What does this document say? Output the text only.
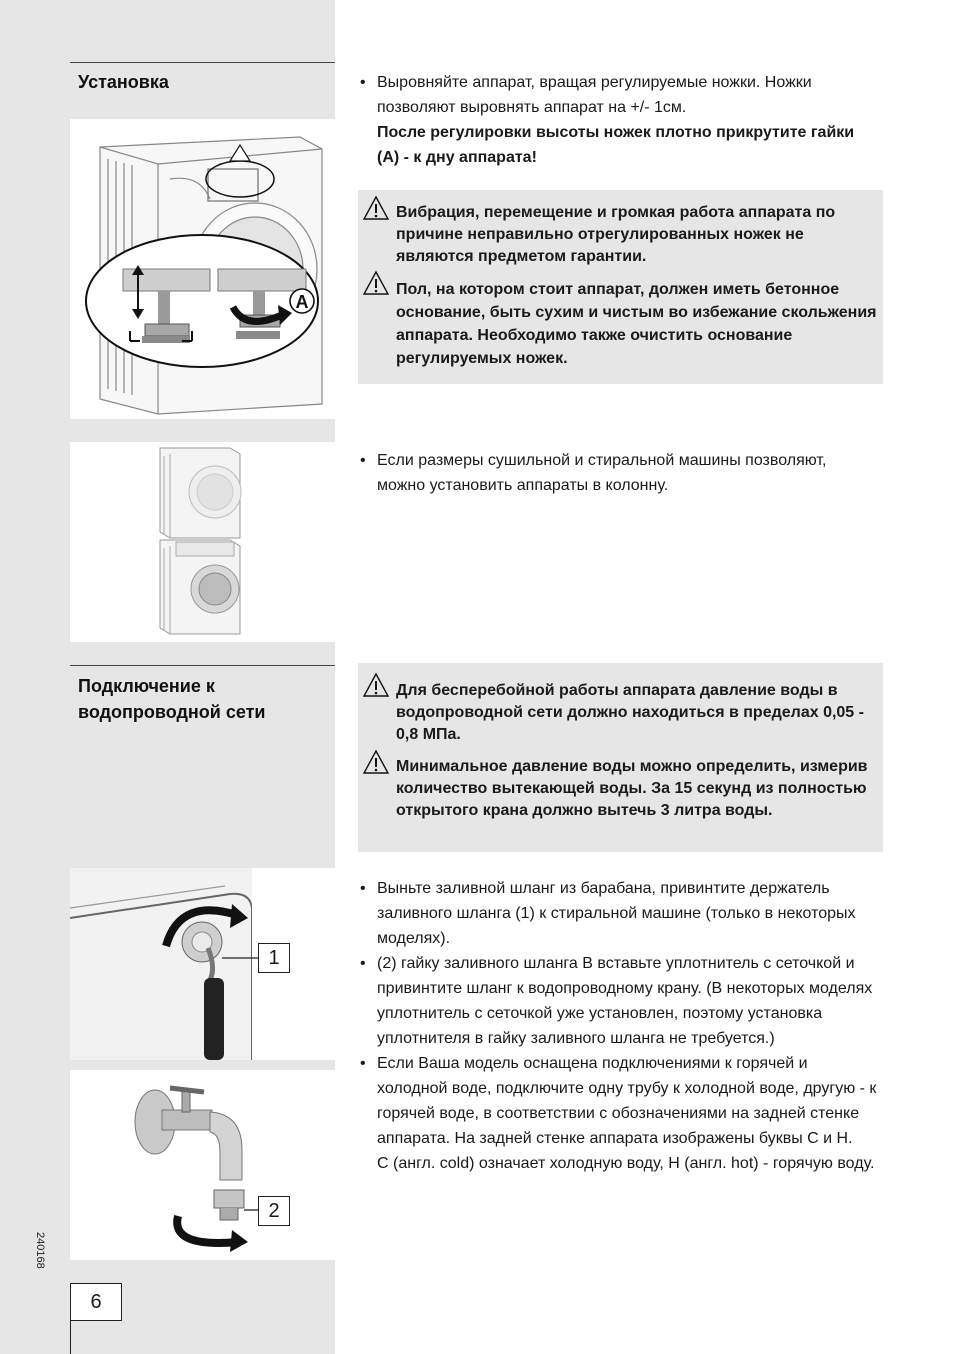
Установка
A
• Выровняйте аппарат, вращая регулируемые ножки. Ножки позволяют выровнять аппарат на +/- 1см.
После регулировки высоты ножек плотно прикрутите гайки (A) - к дну аппарата!
Вибрация, перемещение и громкая работа аппарата по причине неправильно отрегулированных ножек не являются предметом гарантии.
Пол, на котором стоит аппарат, должен иметь бетонное основание, быть сухим и чистым во избежание скольжения аппарата. Необходимо также очистить основание регулируемых ножек.
• Если размеры сушильной и стиральной машины позволяют, можно установить аппараты в колонну.
Подключение к водопроводной сети
Для бесперебойной работы аппарата давление воды в водопроводной сети должно находиться в пределах 0,05 - 0,8 МПа.
Минимальное давление воды можно определить, измерив количество вытекающей воды. За 15 секунд из полностью открытого крана должно вытечь 3 литра воды.
1
2
• Выньте заливной шланг из барабана, привинтите держатель заливного шланга (1) к стиральной машине (только в некоторых моделях).
• (2) гайку заливного шланга B вставьте уплотнитель с сеточкой и привинтите шланг к водопроводному крану. (В некоторых моделях уплотнитель с сеточкой уже установлен, поэтому установка уплотнителя в гайку заливного шланга не требуется.)
• Если Ваша модель оснащена подключениями к горячей и холодной воде, подключите одну трубу к холодной воде, другую - к горячей воде, в соответствии с обозначениями на задней стенке аппарата. На задней стенке аппарата изображены буквы C и H.
C (англ. cold) означает холодную воду, H (англ. hot) - горячую воду.
240168
6
